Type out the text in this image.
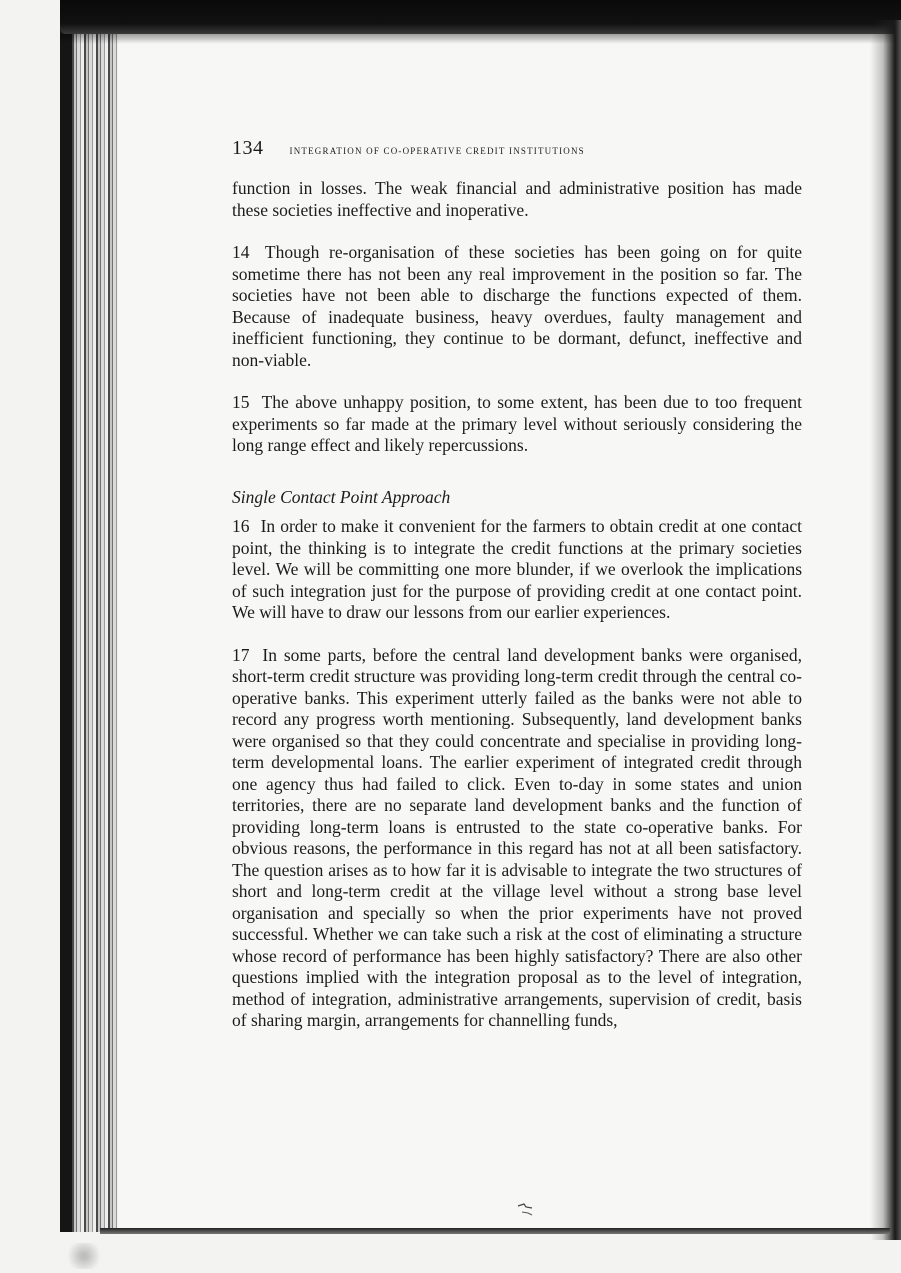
134 integration of co-operative credit institutions

function in losses. The weak financial and administrative position has made these societies ineffective and inoperative.

14 Though re-organisation of these societies has been going on for quite sometime there has not been any real improvement in the position so far. The societies have not been able to discharge the functions expected of them. Because of inadequate business, heavy overdues, faulty management and inefficient functioning, they continue to be dormant, defunct, ineffective and non-viable.

15 The above unhappy position, to some extent, has been due to too frequent experiments so far made at the primary level without seriously considering the long range effect and likely repercussions.

Single Contact Point Approach

16 In order to make it convenient for the farmers to obtain credit at one contact point, the thinking is to integrate the credit functions at the primary societies level. We will be committing one more blunder, if we overlook the implications of such integration just for the purpose of providing credit at one contact point. We will have to draw our lessons from our earlier experiences.

17 In some parts, before the central land development banks were organised, short-term credit structure was providing long-term credit through the central co-operative banks. This experiment utterly failed as the banks were not able to record any progress worth mentioning. Subsequently, land development banks were organised so that they could concentrate and specialise in providing long-term developmental loans. The earlier experiment of integrated credit through one agency thus had failed to click. Even to-day in some states and union territories, there are no separate land development banks and the function of providing long-term loans is entrusted to the state co-operative banks. For obvious reasons, the performance in this regard has not at all been satisfactory. The question arises as to how far it is advisable to integrate the two structures of short and long-term credit at the village level without a strong base level organisation and specially so when the prior experiments have not proved successful. Whether we can take such a risk at the cost of eliminating a structure whose record of performance has been highly satisfactory? There are also other questions implied with the integration proposal as to the level of integration, method of integration, administrative arrangements, supervision of credit, basis of sharing margin, arrangements for channelling funds,
